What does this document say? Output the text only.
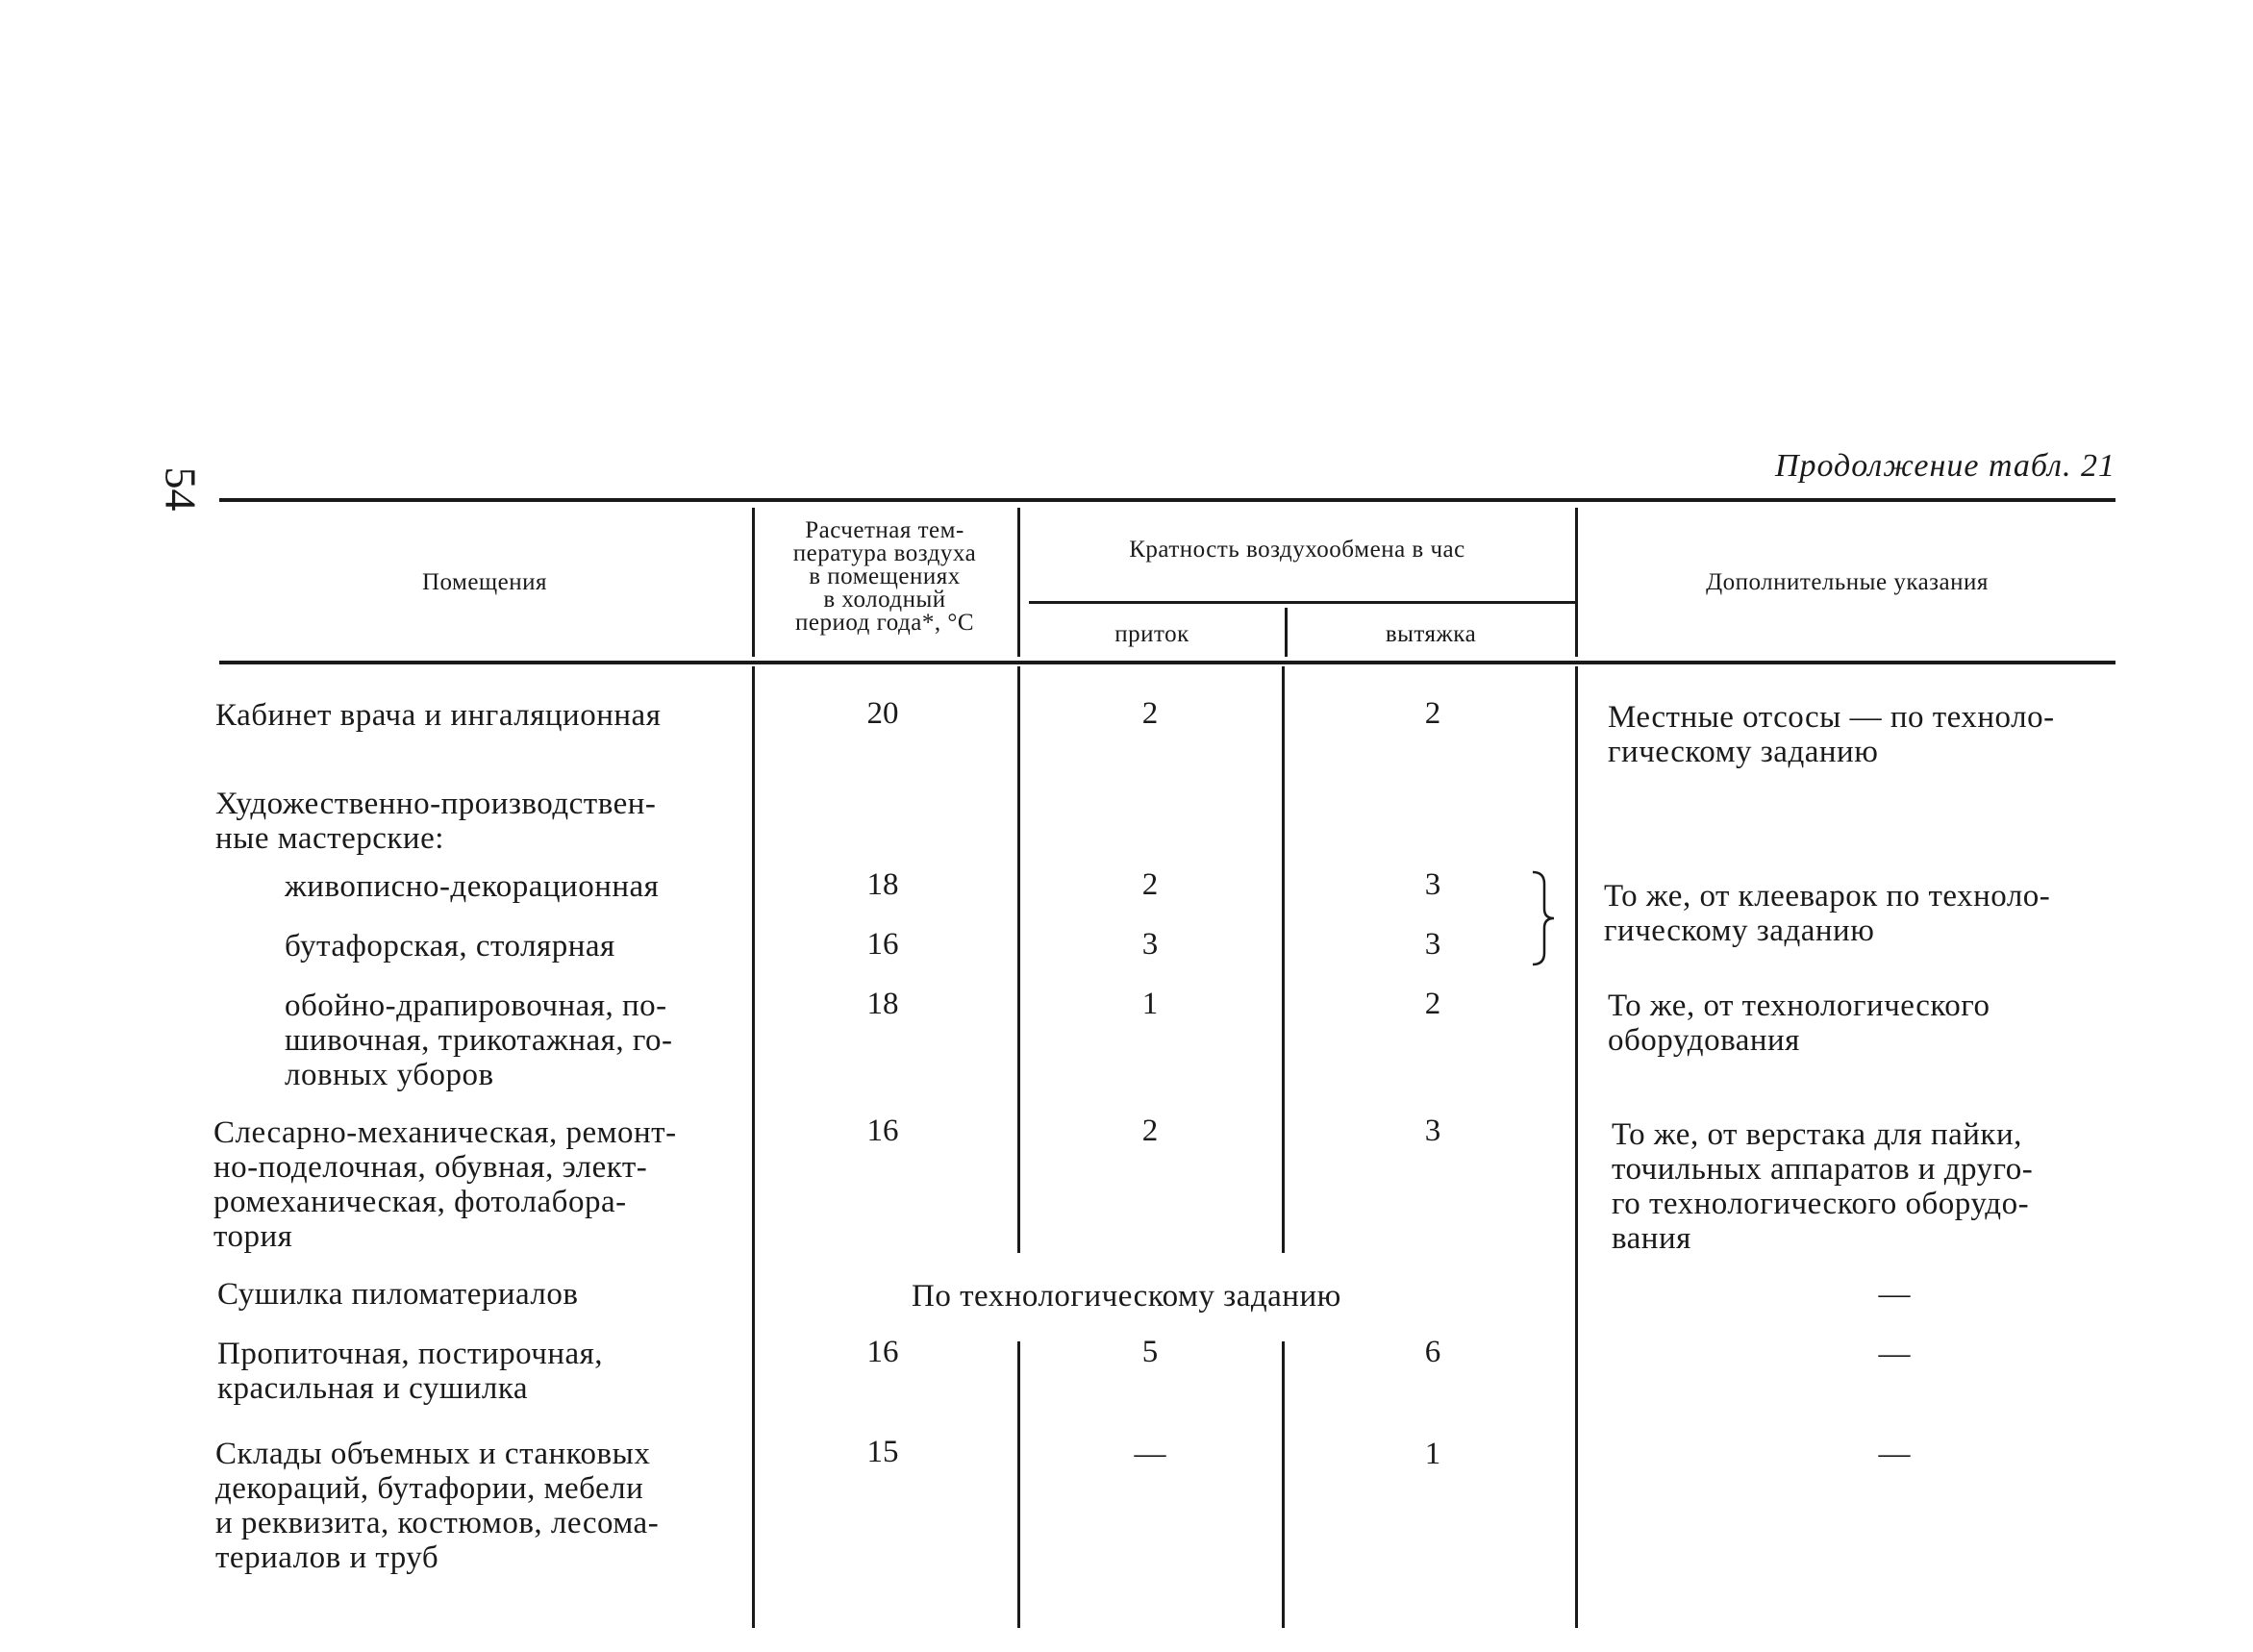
54
Продолжение табл. 21
Помещения
Расчетная тем-
пература воздуха
в помещениях
в холодный
период года*, °С
Кратность воздухообмена в час
приток	вытяжка
Дополнительные указания
Кабинет врача и ингаляционная	20	2	2	Местные отсосы — по техноло-
гическому заданию
Художественно-производствен-
ные мастерские:
живописно-декорационная	18	2	3
бутафорская, столярная	16	3	3
То же, от клееварок по техноло-
гическому заданию
обойно-драпировочная, по-
шивочная, трикотажная, го-
ловных уборов
18	1	2	То же, от технологического
оборудования
Слесарно-механическая, ремонт-
но-поделочная, обувная, элект-
ромеханическая, фотолабора-
тория
16	2	3	То же, от верстака для пайки,
точильных аппаратов и друго-
го технологического оборудо-
вания
Сушилка пиломатериалов	По технологическому заданию	—
Пропиточная, постирочная,
красильная и сушилка
16	5	6	—
Склады объемных и станковых
декораций, бутафории, мебели
и реквизита, костюмов, лесома-
териалов и труб
15	—	1	—
